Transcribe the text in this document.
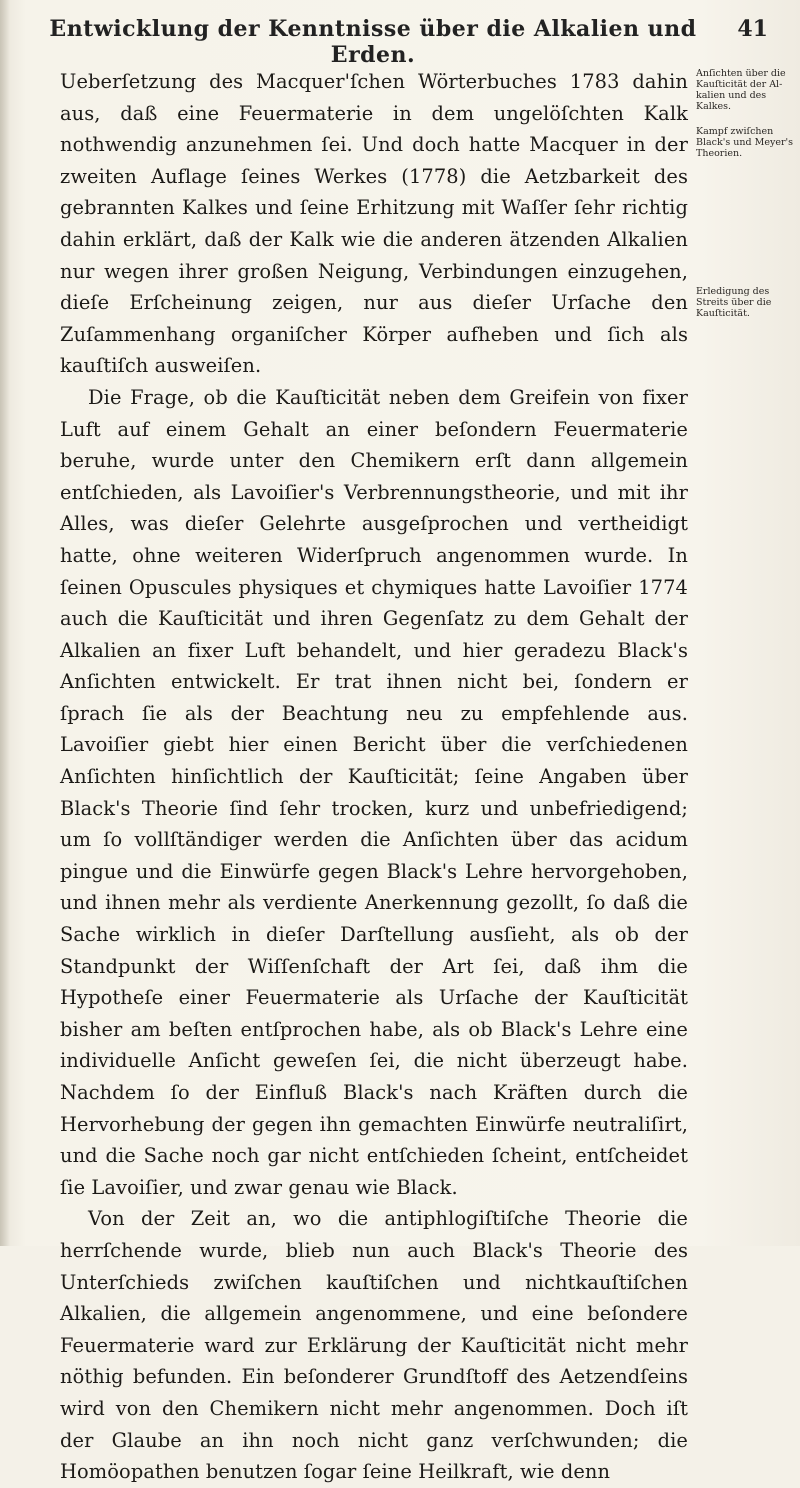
Entwicklung der Kenntnisse über die Alkalien und Erden.
41

Ueberſetzung des Macquer'ſchen Wörterbuches 1783 dahin aus, daß eine Feuermaterie in dem ungelöſchten Kalk nothwendig anzunehmen ſei. Und doch hatte Macquer in der zweiten Auflage ſeines Werkes (1778) die Aetzbarkeit des gebrannten Kalkes und ſeine Erhitzung mit Waſſer ſehr richtig dahin erklärt, daß der Kalk wie die anderen ätzenden Alkalien nur wegen ihrer großen Neigung, Verbindungen einzugehen, dieſe Erſcheinung zeigen, nur aus dieſer Urſache den Zuſammenhang organiſcher Körper aufheben und ſich als kauſtiſch ausweiſen.

Die Frage, ob die Kauſticität neben dem Greifein von fixer Luft auf einem Gehalt an einer beſondern Feuermaterie beruhe, wurde unter den Chemikern erſt dann allgemein entſchieden, als Lavoiſier's Verbrennungstheorie, und mit ihr Alles, was dieſer Gelehrte ausgeſprochen und vertheidigt hatte, ohne weiteren Widerſpruch angenommen wurde. In ſeinen Opuscules physiques et chymiques hatte Lavoiſier 1774 auch die Kauſticität und ihren Gegenſatz zu dem Gehalt der Alkalien an fixer Luft behandelt, und hier geradezu Black's Anſichten entwickelt. Er trat ihnen nicht bei, ſondern er ſprach ſie als der Beachtung neu zu empfehlende aus. Lavoiſier giebt hier einen Bericht über die verſchiedenen Anſichten hinſichtlich der Kauſticität; ſeine Angaben über Black's Theorie ſind ſehr trocken, kurz und unbefriedigend; um ſo vollſtändiger werden die Anſichten über das acidum pingue und die Einwürfe gegen Black's Lehre hervorgehoben, und ihnen mehr als verdiente Anerkennung gezollt, ſo daß die Sache wirklich in dieſer Darſtellung ausſieht, als ob der Standpunkt der Wiſſenſchaft der Art ſei, daß ihm die Hypotheſe einer Feuermaterie als Urſache der Kauſticität bisher am beſten entſprochen habe, als ob Black's Lehre eine individuelle Anſicht geweſen ſei, die nicht überzeugt habe. Nachdem ſo der Einfluß Black's nach Kräften durch die Hervorhebung der gegen ihn gemachten Einwürfe neutraliſirt, und die Sache noch gar nicht entſchieden ſcheint, entſcheidet ſie Lavoiſier, und zwar genau wie Black.

Von der Zeit an, wo die antiphlogiſtiſche Theorie die herrſchende wurde, blieb nun auch Black's Theorie des Unterſchieds zwiſchen kauſtiſchen und nichtkauſtiſchen Alkalien, die allgemein angenommene, und eine beſondere Feuermaterie ward zur Erklärung der Kauſticität nicht mehr nöthig befunden. Ein beſonderer Grundſtoff des Aetzendſeins wird von den Chemikern nicht mehr angenommen. Doch iſt der Glaube an ihn noch nicht ganz verſchwunden; die Homöopathen benutzen ſogar ſeine Heilkraft, wie denn

Anſichten über die
Kauſticität der Al-
kalien und des
Kalkes.
Kampf zwiſchen
Black's und Meyer's
Theorien.
Erledigung des
Streits über die
Kauſticität.
